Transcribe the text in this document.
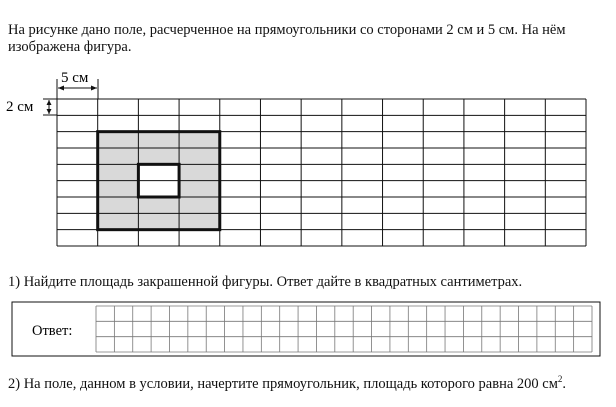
На рисунке дано поле, расчерченное на прямоугольники со сторонами 2 см и 5 см. На нём
изображена фигура.
5 см
2 см
1) Найдите площадь закрашенной фигуры. Ответ дайте в квадратных сантиметрах.
Ответ:
2) На поле, данном в условии, начертите прямоугольник, площадь которого равна 200 $см^2$.
